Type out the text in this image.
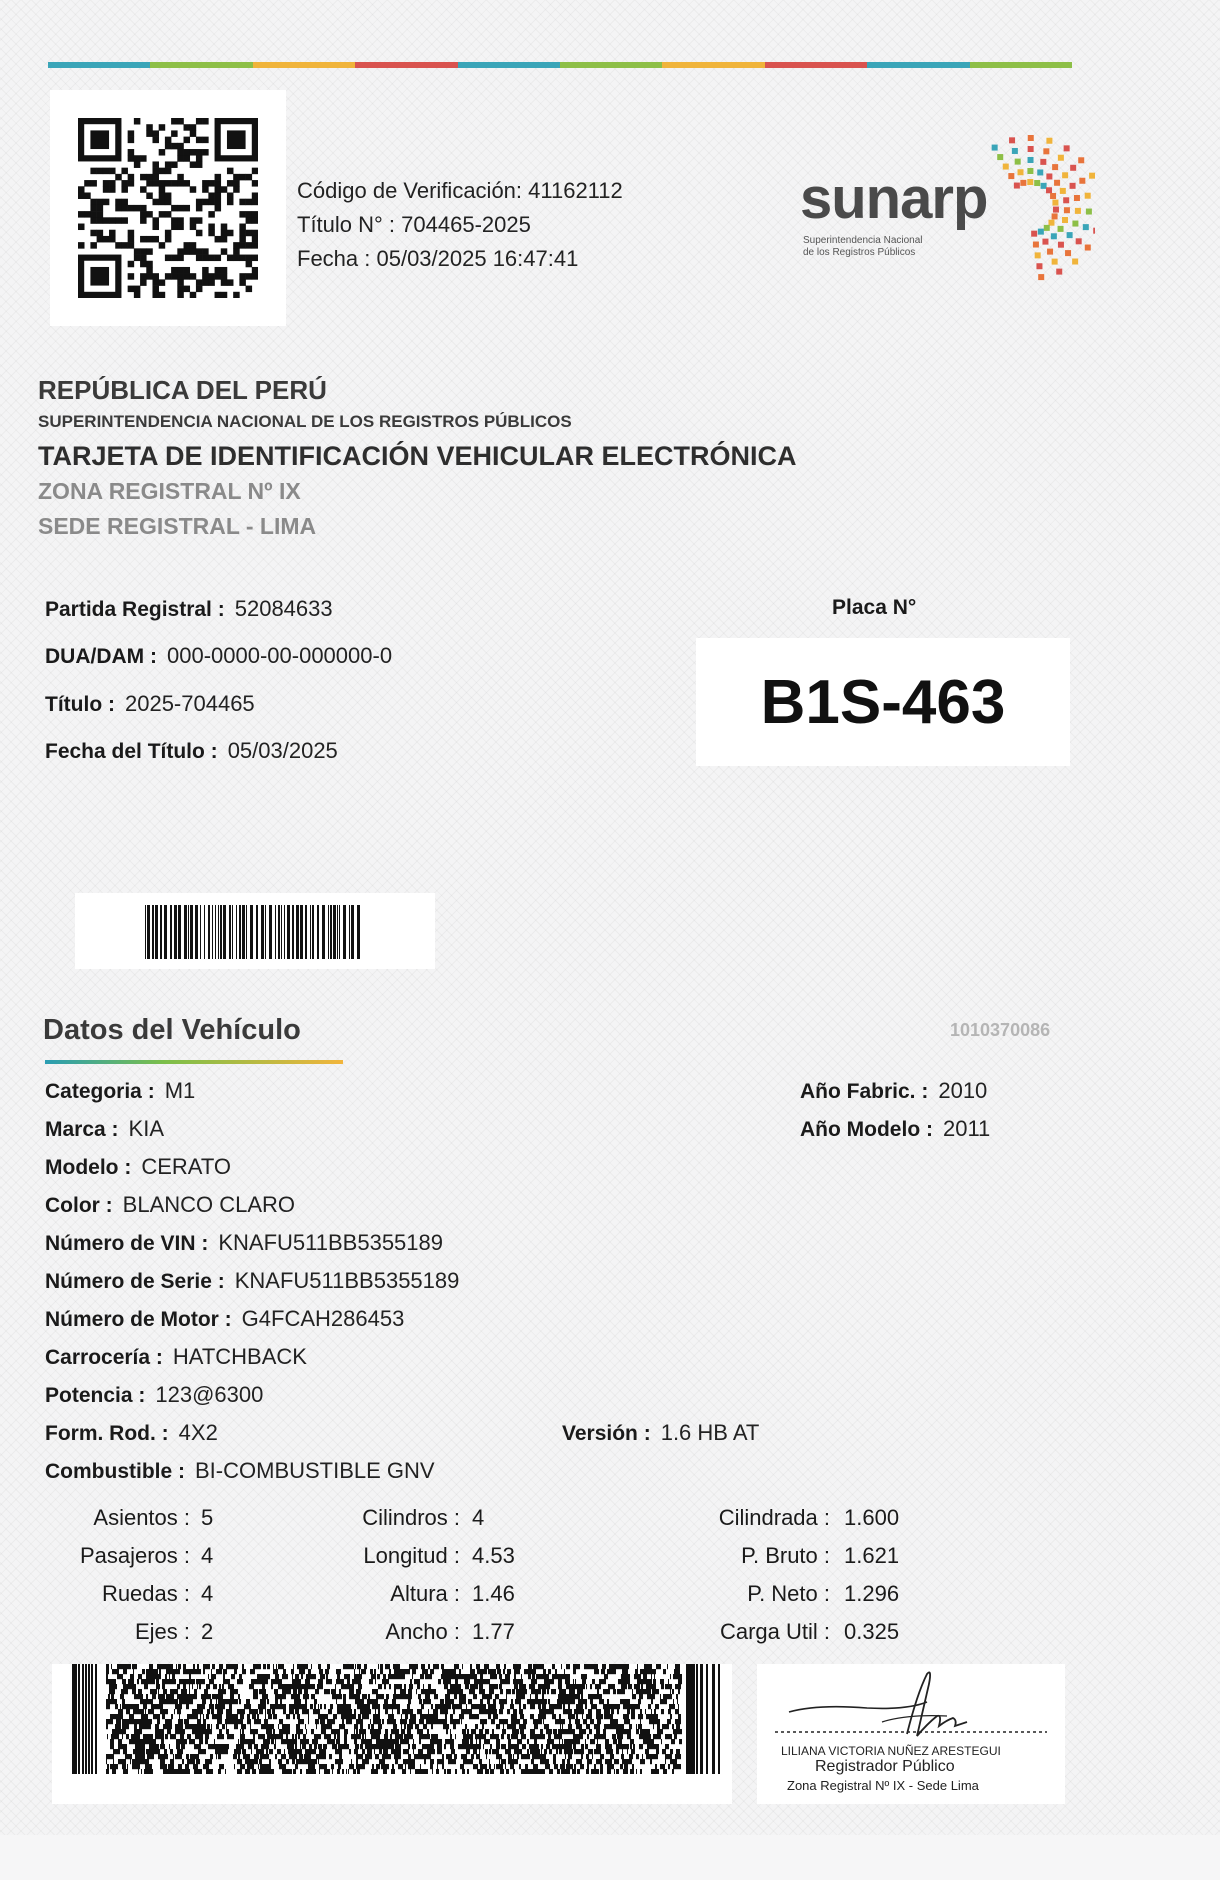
Código de Verificación: 41162112
Título N° : 704465-2025
Fecha : 05/03/2025 16:47:41
sunarp
Superintendencia Nacional
de los Registros Públicos
REPÚBLICA DEL PERÚ
SUPERINTENDENCIA NACIONAL DE LOS REGISTROS PÚBLICOS
TARJETA DE IDENTIFICACIÓN VEHICULAR ELECTRÓNICA
ZONA REGISTRAL Nº IX
SEDE REGISTRAL - LIMA
Partida Registral : 52084633
DUA/DAM : 000-0000-00-000000-0
Título : 2025-704465
Fecha del Título : 05/03/2025
Placa N°
B1S-463
Datos del Vehículo	1010370086
Categoria : M1
Marca : KIA
Modelo : CERATO
Color : BLANCO CLARO
Número de VIN : KNAFU511BB5355189
Número de Serie : KNAFU511BB5355189
Número de Motor : G4FCAH286453
Carrocería : HATCHBACK
Potencia : 123@6300
Form. Rod. : 4X2
Combustible : BI-COMBUSTIBLE GNV
Versión : 1.6 HB AT
Año Fabric. : 2010
Año Modelo : 2011
Asientos : 5
Pasajeros : 4
Ruedas : 4
Ejes : 2
Cilindros : 4
Longitud : 4.53
Altura : 1.46
Ancho : 1.77
Cilindrada : 1.600
P. Bruto : 1.621
P. Neto : 1.296
Carga Util : 0.325
LILIANA VICTORIA NUÑEZ ARESTEGUI
Registrador Público
Zona Registral Nº IX - Sede Lima
